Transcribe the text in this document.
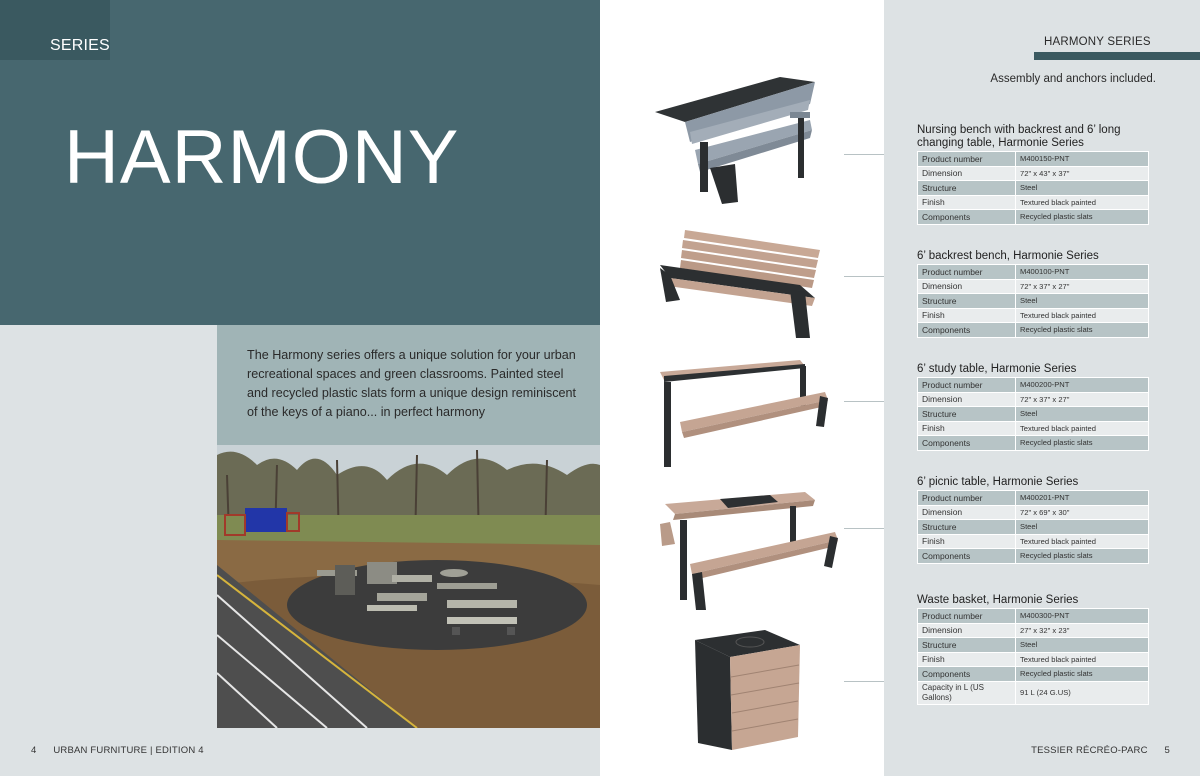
SERIES
HARMONY

The Harmony series offers a unique solution for your urban recreational spaces and green classrooms. Painted steel and recycled plastic slats form a unique design reminiscent of the keys of a piano... in perfect harmony

4 URBAN FURNITURE | EDITION 4
HARMONY SERIES
Assembly and anchors included.
Nursing bench with backrest and 6’ long changing table, Harmonie Series
Product number	M400150-PNT
Dimension	72" x 43" x 37"
Structure	Steel
Finish	Textured black painted
Components	Recycled plastic slats
6’ backrest bench, Harmonie Series
Product number	M400100-PNT
Dimension	72" x 37" x 27"
Structure	Steel
Finish	Textured black painted
Components	Recycled plastic slats
6’ study table, Harmonie Series
Product number	M400200-PNT
Dimension	72" x 37" x 27"
Structure	Steel
Finish	Textured black painted
Components	Recycled plastic slats
6’ picnic table, Harmonie Series
Product number	M400201-PNT
Dimension	72" x 69" x 30"
Structure	Steel
Finish	Textured black painted
Components	Recycled plastic slats
Waste basket, Harmonie Series
Product number	M400300-PNT
Dimension	27" x 32" x 23"
Structure	Steel
Finish	Textured black painted
Components	Recycled plastic slats
Capacity in L (US Gallons)	91 L (24 G.US)
TESSIER RÉCRÉO-PARC 5
